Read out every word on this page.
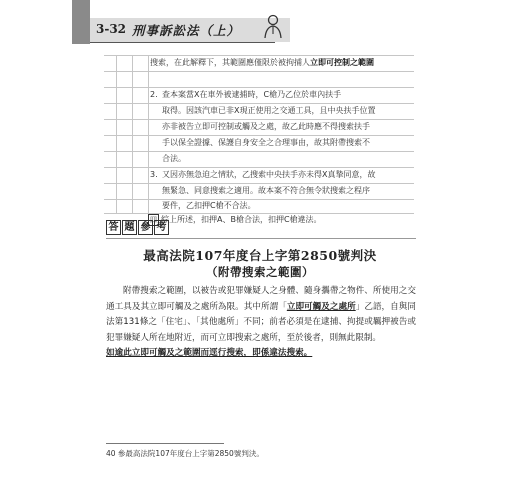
3-32 刑事訴訟法（上）
搜索，在此解釋下，其範圍應僅限於被拘捕人立即可控制之範圍
2. 查本案當X在車外被逮捕時，C槍乃乙位於車內扶手
取得。因該汽車已非X現正使用之交通工具，且中央扶手位置
亦非被告立即可控制或觸及之處，故乙此時應不得搜索扶手
手以保全證據、保護自身安全之合理事由，故其附帶搜索不
合法。
3. 又因亦無急迫之情狀，乙搜索中央扶手亦未得X真摯同意，故
無緊急、同意搜索之適用。故本案不符合無令狀搜索之程序
要件，乙扣押C槍不合法。
四 綜上所述，扣押A、B槍合法，扣押C槍違法。
答 題 參 考
最高法院107年度台上字第2850號判決
（附帶搜索之範圍）
附帶搜索之範圍，以被告或犯罪嫌疑人之身體、隨身攜帶之物件、所使用之交通工具及其立即可觸及之處所為限。其中所謂「立即可觸及之處所」乙語，自與同法第131條之「住宅」、「其他處所」不同；前者必須是在逮捕、拘提或羈押被告或犯罪嫌疑人所在地附近，而可立即搜索之處所，至於後者，則無此限制。
如逾此立即可觸及之範圍而逕行搜索，即係違法搜索。
40 參最高法院107年度台上字第2850號判決。
